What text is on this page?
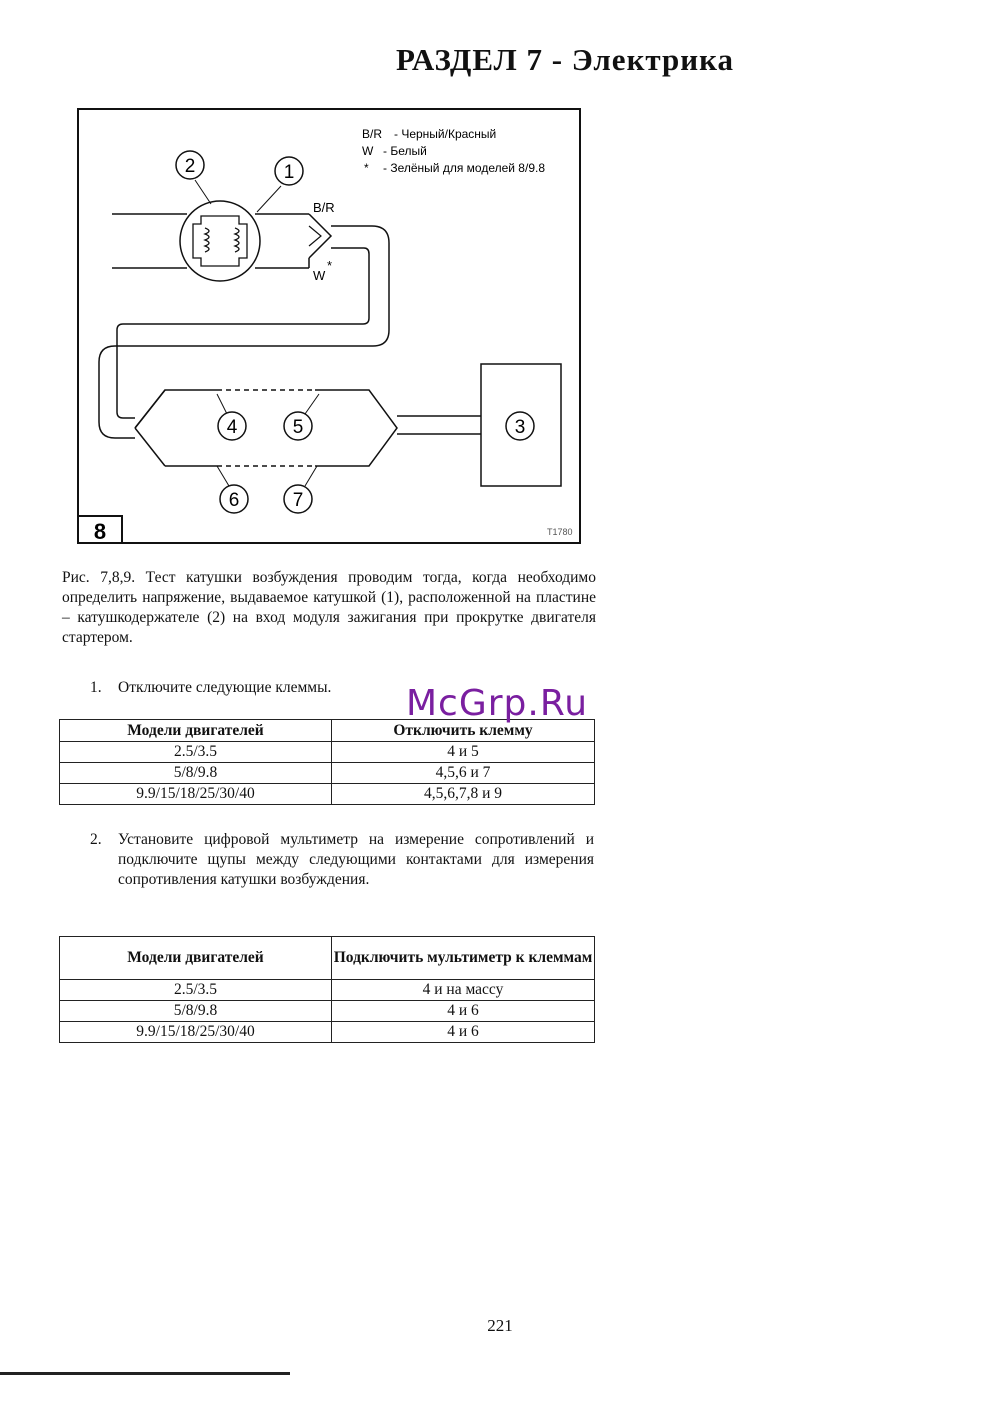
РАЗДЕЛ 7 - Электрика
8	T1780
B/R - Черный/Красный
W - Белый
* - Зелёный для моделей 8/9.8
B/R
W
*
2	1
4	5	3
6	7
Рис. 7,8,9. Тест катушки возбуждения проводим тогда, когда необходимо определить напряжение, выдаваемое катушкой (1), расположенной на пластине – катушкодержателе (2) на вход модуля зажигания при прокрутке двигателя стартером.
1. Отключите следующие клеммы.
Модели двигателей	Отключить клемму
2.5/3.5	4 и 5
5/8/9.8	4,5,6 и 7
9.9/15/18/25/30/40	4,5,6,7,8 и 9
McGrp.Ru
2. Установите цифровой мультиметр на измерение сопротивлений и подключите щупы между следующими контактами для измерения сопротивления катушки возбуждения.
Модели двигателей	Подключить мультиметр к клеммам
2.5/3.5	4 и на массу
5/8/9.8	4 и 6
9.9/15/18/25/30/40	4 и 6
221
